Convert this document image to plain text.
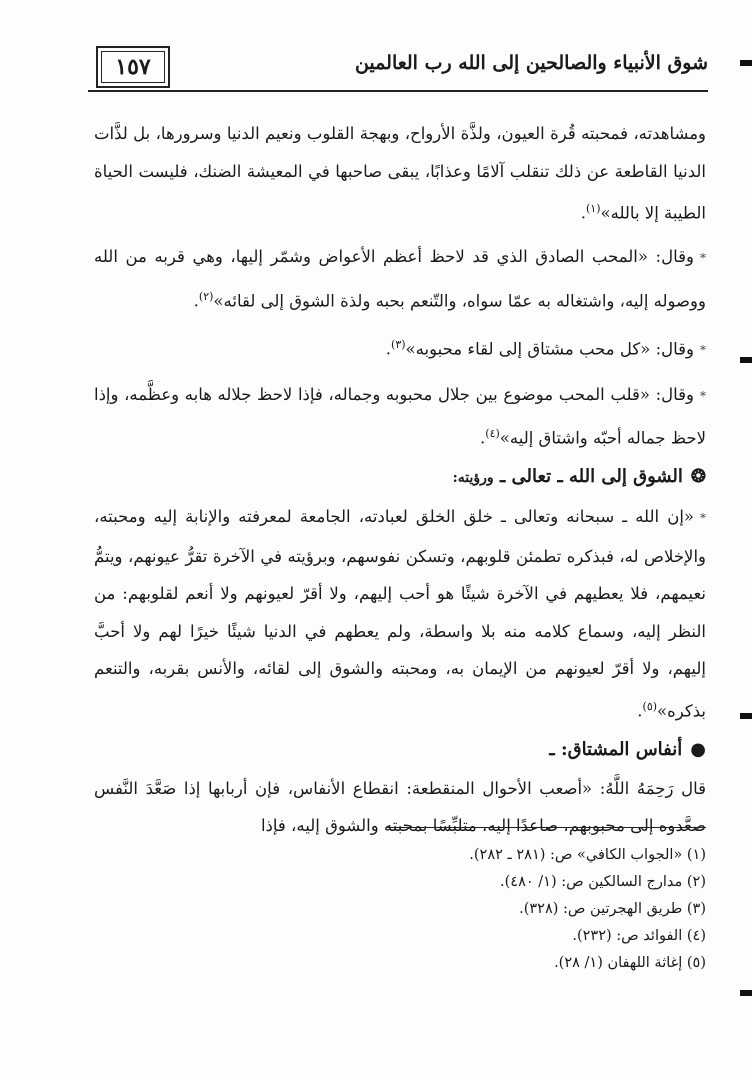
شوق الأنبياء والصالحين إلى الله رب العالمين
١٥٧

ومشاهدته، فمحبته قُرة العيون، ولذَّة الأرواح، وبهجة القلوب ونعيم الدنيا وسرورها، بل لذَّات الدنيا القاطعة عن ذلك تنقلب آلامًا وعذابًا، يبقى صاحبها في المعيشة الضنك، فليست الحياة الطيبة إلا بالله»$^{(١)}$.

*وقال: «المحب الصادق الذي قد لاحظ أعظم الأعواض وشمّر إليها، وهي قربه من الله ووصوله إليه، واشتغاله به عمّا سواه، والتّنعم بحبه ولذة الشوق إلى لقائه»$^{(٢)}$.

*وقال: «كل محب مشتاق إلى لقاء محبوبه»$^{(٣)}$.

*وقال: «قلب المحب موضوع بين جلال محبوبه وجماله، فإذا لاحظ جلاله هابه وعظَّمه، وإذا لاحظ جماله أحبّه واشتاق إليه»$^{(٤)}$.

❂الشوق إلى الله ـ تعالى ـ ورؤيته:

*«إن الله ـ سبحانه وتعالى ـ خلق الخلق لعبادته، الجامعة لمعرفته والإنابة إليه ومحبته، والإخلاص له، فبذكره تطمئن قلوبهم، وتسكن نفوسهم، وبرؤيته في الآخرة تقرُّ عيونهم، ويتمُّ نعيمهم، فلا يعطيهم في الآخرة شيئًا هو أحب إليهم، ولا أقرّ لعيونهم ولا أنعم لقلوبهم: من النظر إليه، وسماع كلامه منه بلا واسطة، ولم يعطهم في الدنيا شيئًا خيرًا لهم ولا أحبَّ إليهم، ولا أقرّ لعيونهم من الإيمان به، ومحبته والشوق إلى لقائه، والأنس بقربه، والتنعم بذكره»$^{(٥)}$.

●أنفاس المشتاق: ـ

قال رَحِمَهُ اللَّهُ: «أصعب الأحوال المنقطعة: انقطاع الأنفاس، فإن أربابها إذا صَعَّدَ النَّفس صعَّدوه إلى محبوبهم، صاعدًا إليه، متلبِّسًا بمحبته والشوق إليه، فإذا

(١) «الجواب الكافي» ص: (٢٨١ ـ ٢٨٢).
(٢) مدارج السالكين ص: (١/ ٤٨٠).
(٣) طريق الهجرتين ص: (٣٢٨).
(٤) الفوائد ص: (٢٣٢).
(٥) إغاثة اللهفان (١/ ٢٨).
